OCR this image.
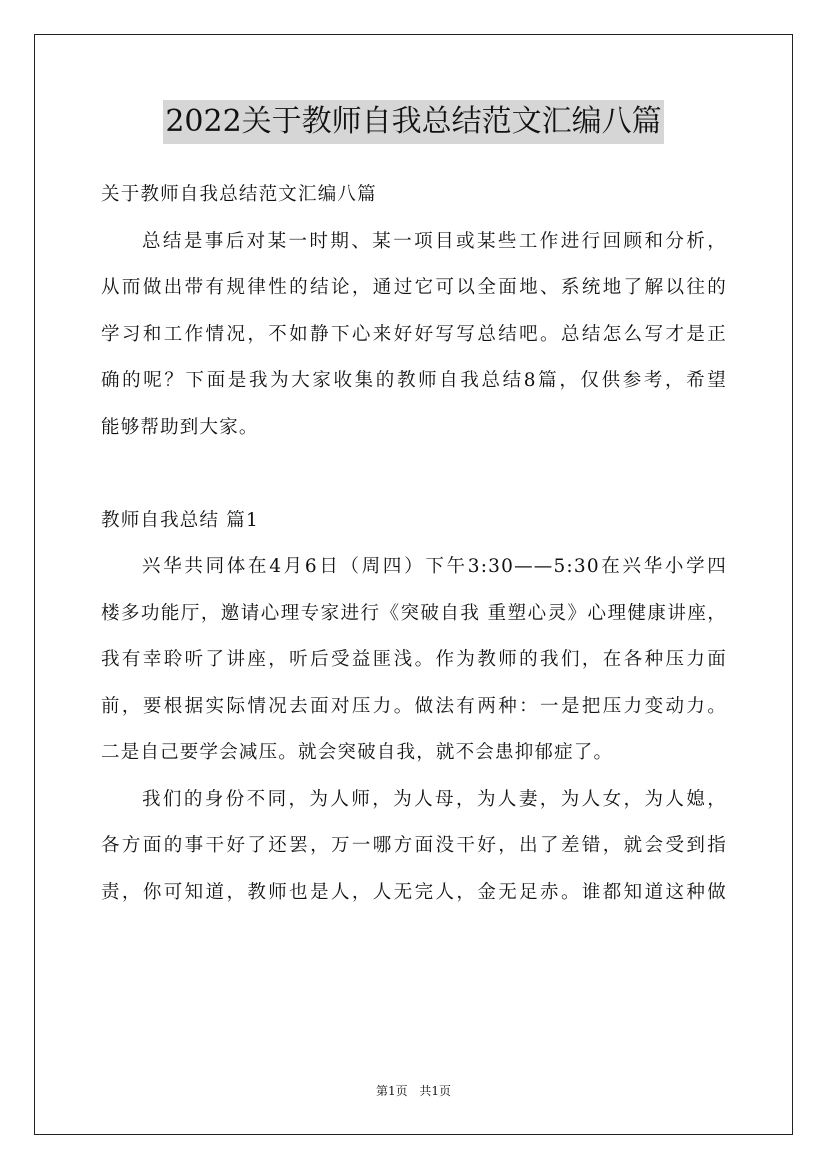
2022关于教师自我总结范文汇编八篇
关于教师自我总结范文汇编八篇
总结是事后对某一时期、某一项目或某些工作进行回顾和分析，
从而做出带有规律性的结论，通过它可以全面地、系统地了解以往的
学习和工作情况，不如静下心来好好写写总结吧。总结怎么写才是正
确的呢？下面是我为大家收集的教师自我总结8篇，仅供参考，希望
能够帮助到大家。
教师自我总结 篇1
兴华共同体在4月6日（周四）下午3:30——5:30在兴华小学四
楼多功能厅，邀请心理专家进行《突破自我 重塑心灵》心理健康讲座，
我有幸聆听了讲座，听后受益匪浅。作为教师的我们，在各种压力面
前，要根据实际情况去面对压力。做法有两种：一是把压力变动力。
二是自己要学会减压。就会突破自我，就不会患抑郁症了。
我们的身份不同，为人师，为人母，为人妻，为人女，为人媳，
各方面的事干好了还罢，万一哪方面没干好，出了差错，就会受到指
责，你可知道，教师也是人，人无完人，金无足赤。谁都知道这种做
第1页 共1页
